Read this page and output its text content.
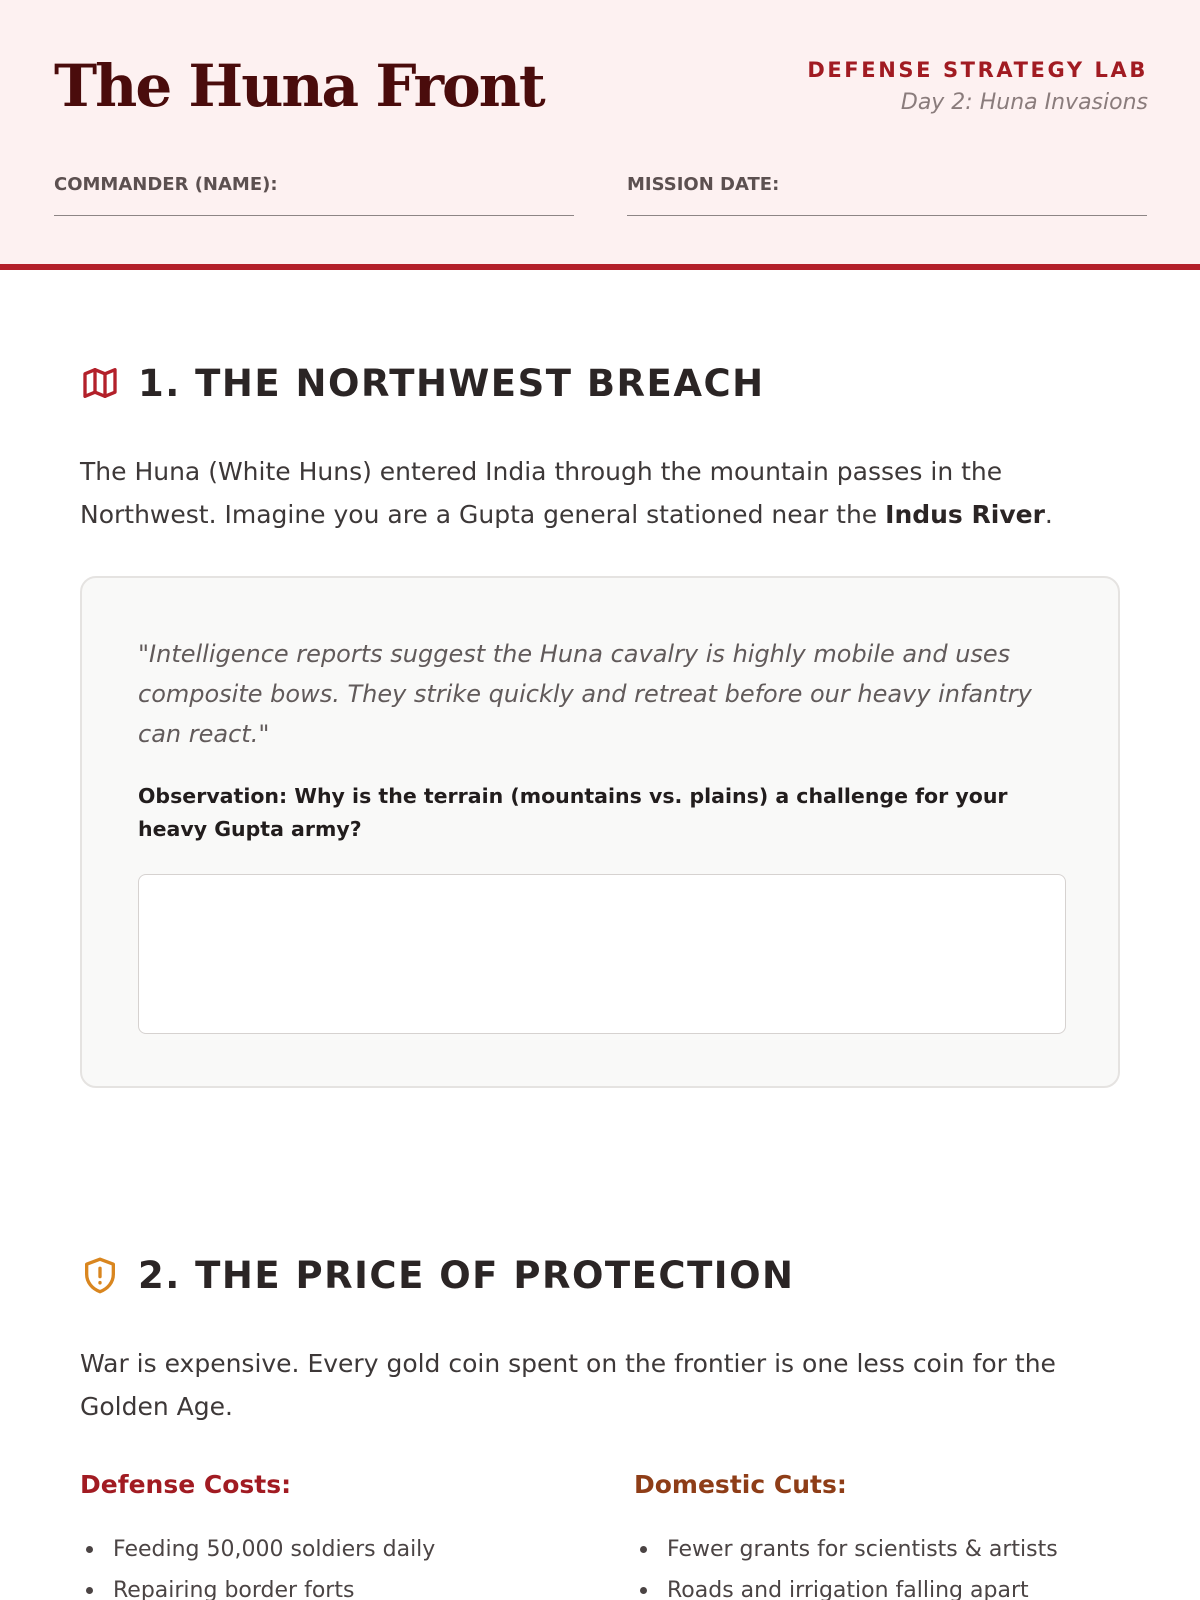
The Huna Front	DEFENSE STRATEGY LAB
Day 2: Huna Invasions
COMMANDER (NAME):	MISSION DATE:
1. THE NORTHWEST BREACH

The Huna (White Huns) entered India through the mountain passes in the Northwest. Imagine you are a Gupta general stationed near the Indus River.

"Intelligence reports suggest the Huna cavalry is highly mobile and uses composite bows. They strike quickly and retreat before our heavy infantry can react."

Observation: Why is the terrain (mountains vs. plains) a challenge for your heavy Gupta army?

2. THE PRICE OF PROTECTION

War is expensive. Every gold coin spent on the frontier is one less coin for the Golden Age.

Defense Costs:
Feeding 50,000 soldiers daily
Repairing border forts
Domestic Cuts:
Fewer grants for scientists & artists
Roads and irrigation falling apart
